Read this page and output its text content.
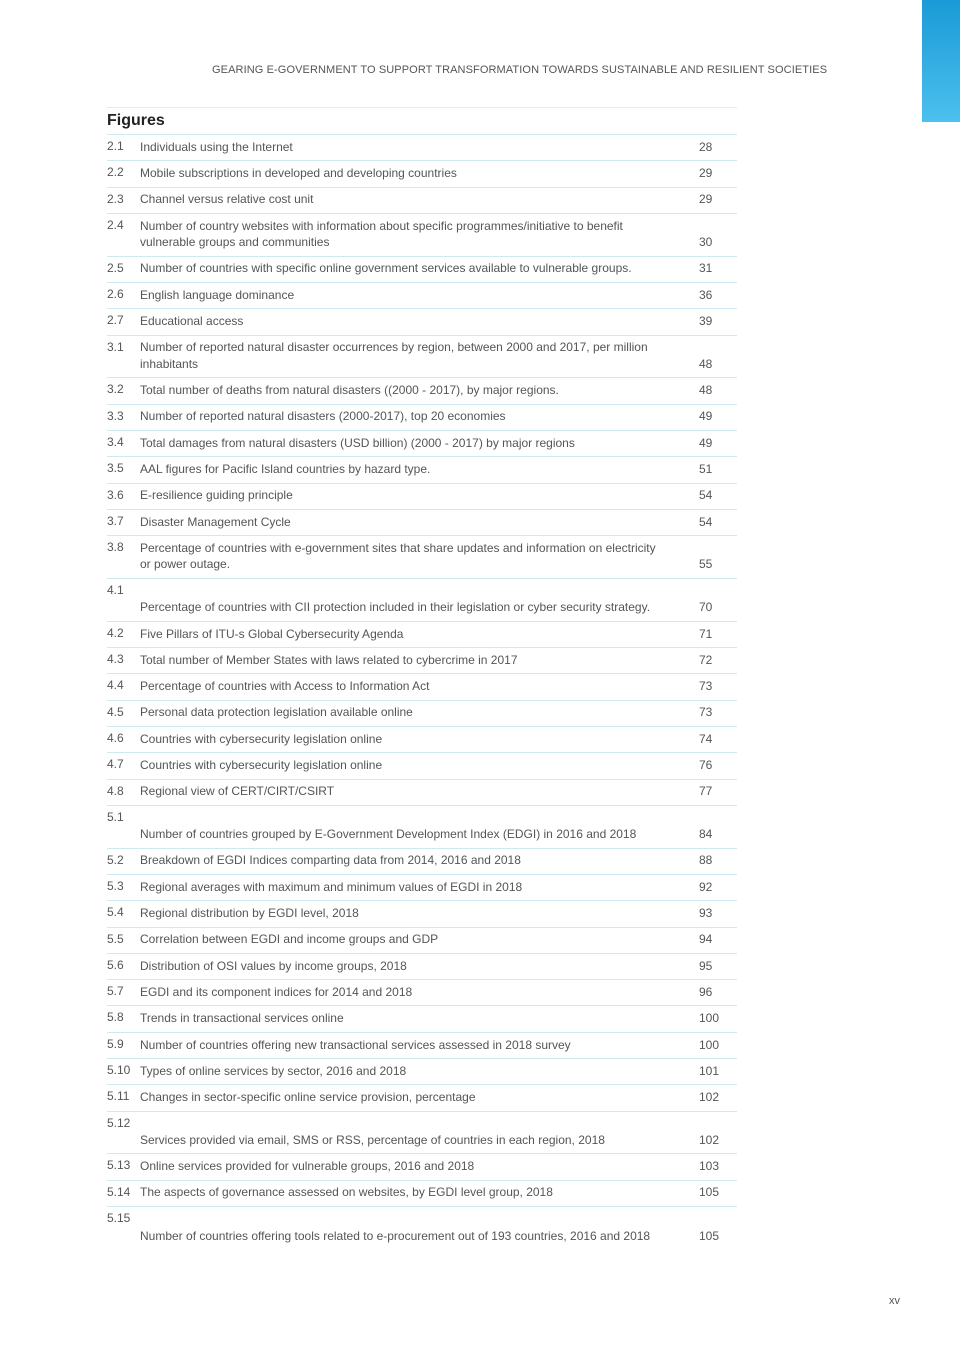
GEARING E-GOVERNMENT TO SUPPORT TRANSFORMATION TOWARDS SUSTAINABLE AND RESILIENT SOCIETIES
Figures
2.1	Individuals using the Internet	28
2.2	Mobile subscriptions in developed and developing countries	29
2.3	Channel versus relative cost unit	29
2.4	Number of country websites with information about specific programmes/initiative to benefit vulnerable groups and communities	30
2.5	Number of countries with specific online government services available to vulnerable groups.	31
2.6	English language dominance	36
2.7	Educational access	39
3.1	Number of reported natural disaster occurrences by region, between 2000 and 2017, per million inhabitants	48
3.2	Total number of deaths from natural disasters ((2000 - 2017), by major regions.	48
3.3	Number of reported natural disasters (2000-2017), top 20 economies	49
3.4	Total damages from natural disasters (USD billion) (2000 - 2017) by major regions	49
3.5	AAL figures for Pacific Island countries by hazard type.	51
3.6	E-resilience guiding principle	54
3.7	Disaster Management Cycle	54
3.8	Percentage of countries with e-government sites that share updates and information on electricity or power outage.	55
4.1
Percentage of countries with CII protection included in their legislation or cyber security strategy.	70
4.2	Five Pillars of ITU-s Global Cybersecurity Agenda	71
4.3	Total number of Member States with laws related to cybercrime in 2017	72
4.4	Percentage of countries with Access to Information Act	73
4.5	Personal data protection legislation available online	73
4.6	Countries with cybersecurity legislation online	74
4.7	Countries with cybersecurity legislation online	76
4.8	Regional view of CERT/CIRT/CSIRT	77
5.1
Number of countries grouped by E-Government Development Index (EDGI) in 2016 and 2018	84
5.2	Breakdown of EGDI Indices comparting data from 2014, 2016 and 2018	88
5.3	Regional averages with maximum and minimum values of EGDI in 2018	92
5.4	Regional distribution by EGDI level, 2018	93
5.5	Correlation between EGDI and income groups and GDP	94
5.6	Distribution of OSI values by income groups, 2018	95
5.7	EGDI and its component indices for 2014 and 2018	96
5.8	Trends in transactional services online	100
5.9	Number of countries offering new transactional services assessed in 2018 survey	100
5.10 Types of online services by sector, 2016 and 2018	101
5.11 Changes in sector-specific online service provision, percentage	102
5.12
Services provided via email, SMS or RSS, percentage of countries in each region, 2018	102
5.13 Online services provided for vulnerable groups, 2016 and 2018	103
5.14 The aspects of governance assessed on websites, by EGDI level group, 2018	105
5.15
Number of countries offering tools related to e-procurement out of 193 countries, 2016 and 2018	105
xv
